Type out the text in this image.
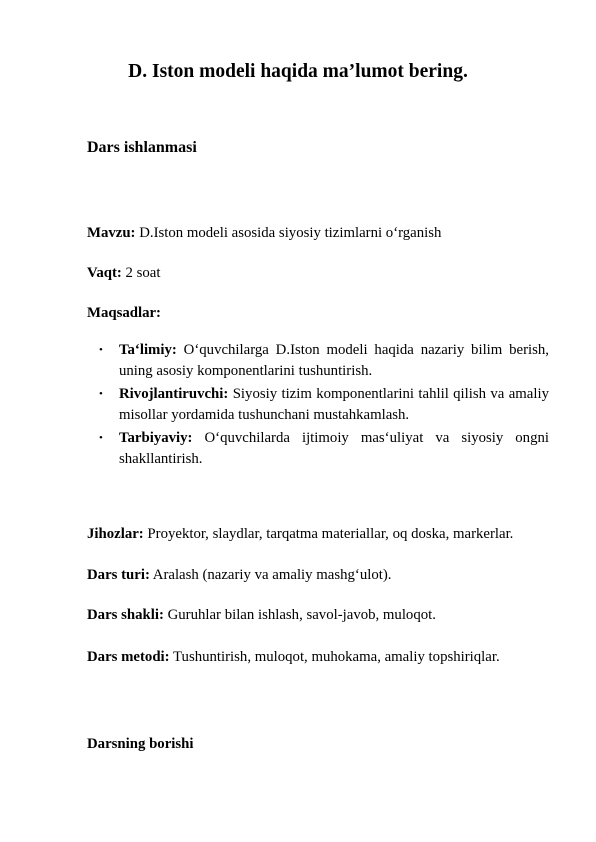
D. Iston modeli haqida ma’lumot bering.
Dars ishlanmasi

Mavzu: D.Iston modeli asosida siyosiy tizimlarni o‘rganish

Vaqt: 2 soat

Maqsadlar:

• Ta‘limiy: O‘quvchilarga D.Iston modeli haqida nazariy bilim berish, uning asosiy komponentlarini tushuntirish.
• Rivojlantiruvchi: Siyosiy tizim komponentlarini tahlil qilish va amaliy misollar yordamida tushunchani mustahkamlash.
• Tarbiyaviy: O‘quvchilarda ijtimoiy mas‘uliyat va siyosiy ongni shakllantirish.

Jihozlar: Proyektor, slaydlar, tarqatma materiallar, oq doska, markerlar.

Dars turi: Aralash (nazariy va amaliy mashg‘ulot).

Dars shakli: Guruhlar bilan ishlash, savol-javob, muloqot.

Dars metodi: Tushuntirish, muloqot, muhokama, amaliy topshiriqlar.

Darsning borishi
